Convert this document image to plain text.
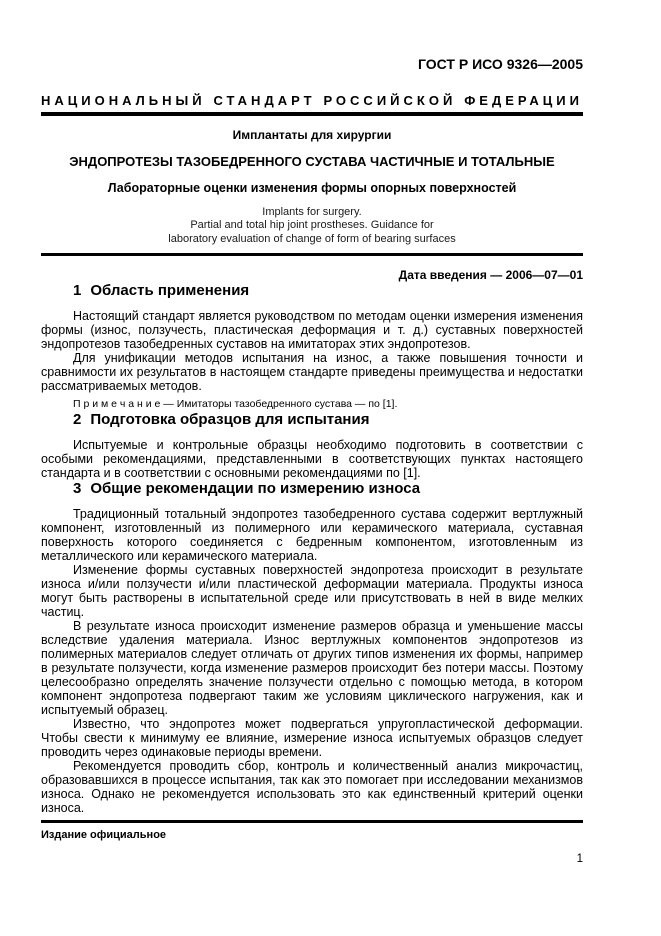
ГОСТ Р ИСО 9326—2005
НАЦИОНАЛЬНЫЙ СТАНДАРТ РОССИЙСКОЙ ФЕДЕРАЦИИ
Имплантаты для хирургии
ЭНДОПРОТЕЗЫ ТАЗОБЕДРЕННОГО СУСТАВА ЧАСТИЧНЫЕ И ТОТАЛЬНЫЕ
Лабораторные оценки изменения формы опорных поверхностей
Implants for surgery.
Partial and total hip joint prostheses. Guidance for
laboratory evaluation of change of form of bearing surfaces
Дата введения — 2006—07—01
1 Область применения

Настоящий стандарт является руководством по методам оценки измерения изменения формы (износ, ползучесть, пластическая деформация и т. д.) суставных поверхностей эндопротезов тазобедренных суставов на имитаторах этих эндопротезов.

Для унификации методов испытания на износ, а также повышения точности и сравнимости их результатов в настоящем стандарте приведены преимущества и недостатки рассматриваемых методов.

П р и м е ч а н и е — Имитаторы тазобедренного сустава — по [1].

2 Подготовка образцов для испытания

Испытуемые и контрольные образцы необходимо подготовить в соответствии с особыми рекомендациями, представленными в соответствующих пунктах настоящего стандарта и в соответствии с основными рекомендациями по [1].

3 Общие рекомендации по измерению износа

Традиционный тотальный эндопротез тазобедренного сустава содержит вертлужный компонент, изготовленный из полимерного или керамического материала, суставная поверхность которого соединяется с бедренным компонентом, изготовленным из металлического или керамического материала.

Изменение формы суставных поверхностей эндопротеза происходит в результате износа и/или ползучести и/или пластической деформации материала. Продукты износа могут быть растворены в испытательной среде или присутствовать в ней в виде мелких частиц.

В результате износа происходит изменение размеров образца и уменьшение массы вследствие удаления материала. Износ вертлужных компонентов эндопротезов из полимерных материалов следует отличать от других типов изменения их формы, например в результате ползучести, когда изменение размеров происходит без потери массы. Поэтому целесообразно определять значение ползучести отдельно с помощью метода, в котором компонент эндопротеза подвергают таким же условиям циклического нагружения, как и испытуемый образец.

Известно, что эндопротез может подвергаться упругопластической деформации. Чтобы свести к минимуму ее влияние, измерение износа испытуемых образцов следует проводить через одинаковые периоды времени.

Рекомендуется проводить сбор, контроль и количественный анализ микрочастиц, образовавшихся в процессе испытания, так как это помогает при исследовании механизмов износа. Однако не рекомендуется использовать это как единственный критерий оценки износа.

Издание официальное
1
